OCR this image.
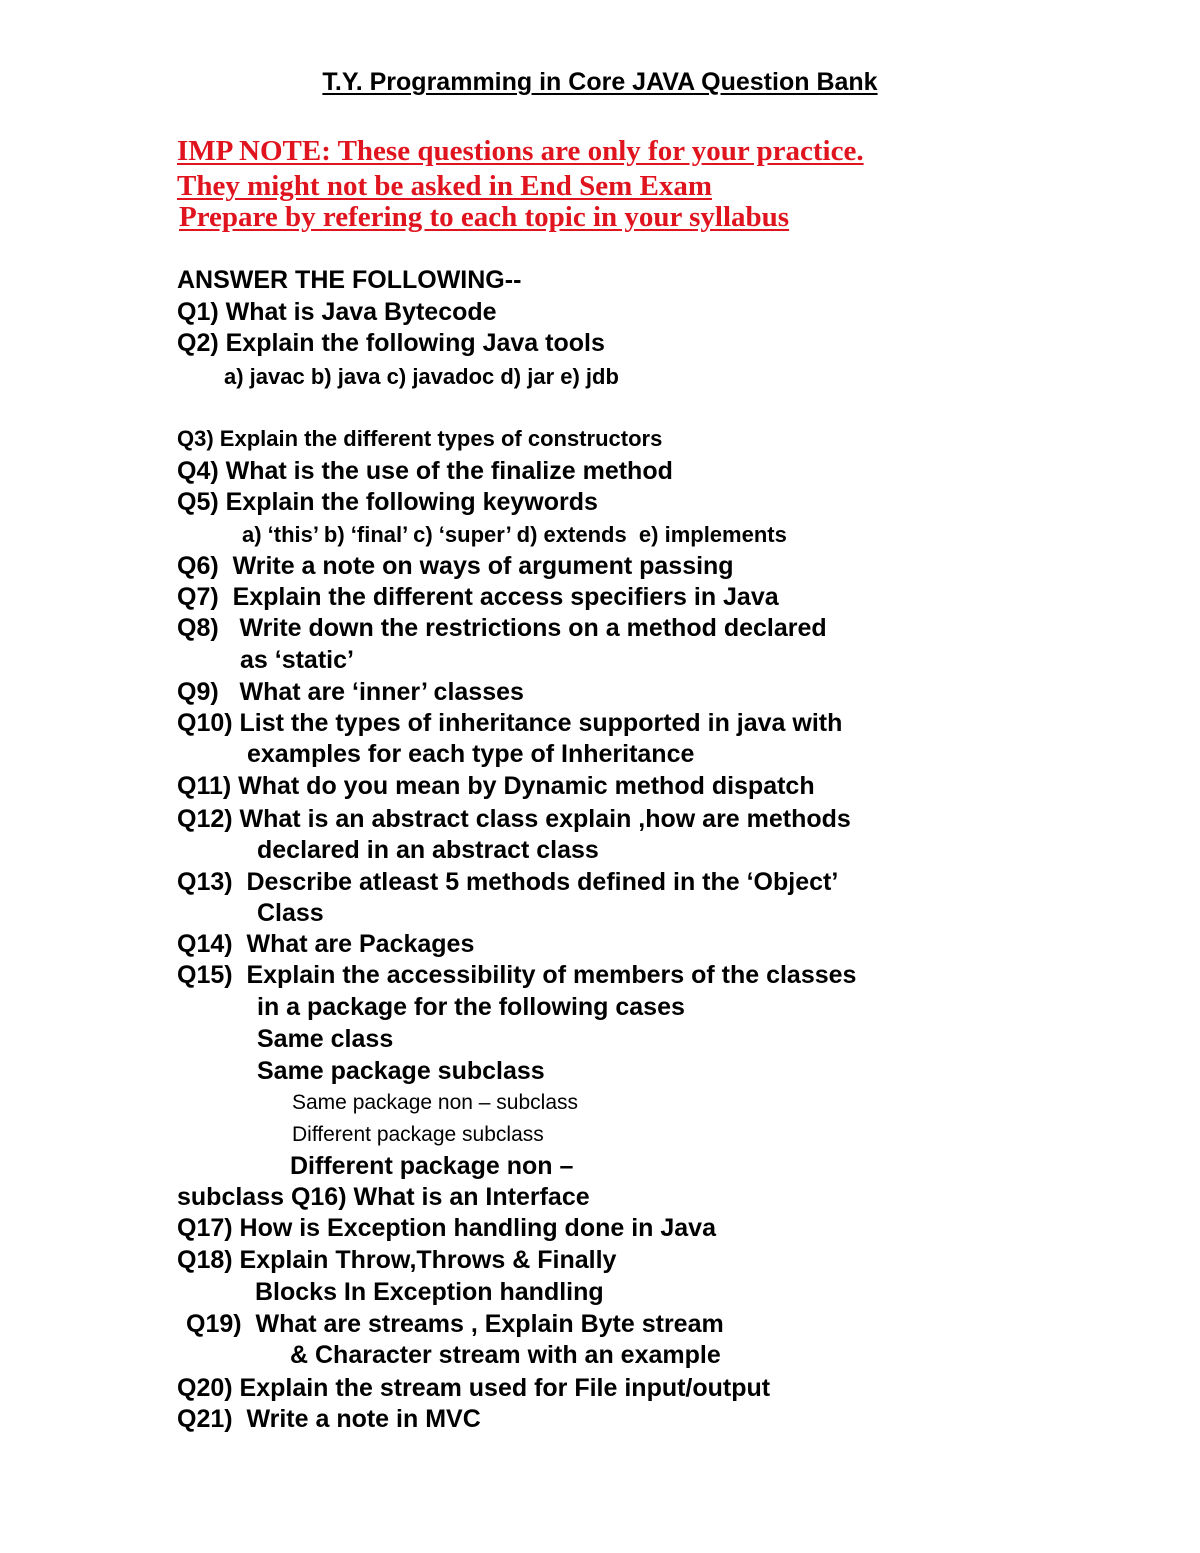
T.Y. Programming in Core JAVA Question Bank
IMP NOTE: These questions are only for your practice.
They might not be asked in End Sem Exam
Prepare by refering to each topic in your syllabus
ANSWER THE FOLLOWING--
Q1) What is Java Bytecode
Q2) Explain the following Java tools
a) javac b) java c) javadoc d) jar e) jdb
Q3) Explain the different types of constructors
Q4) What is the use of the finalize method
Q5) Explain the following keywords
a) ‘this’ b) ‘final’ c) ‘super’ d) extends  e) implements
Q6)  Write a note on ways of argument passing
Q7)  Explain the different access specifiers in Java
Q8)   Write down the restrictions on a method declared
as ‘static’
Q9)   What are ‘inner’ classes
Q10) List the types of inheritance supported in java with
examples for each type of Inheritance
Q11) What do you mean by Dynamic method dispatch
Q12) What is an abstract class explain ,how are methods
declared in an abstract class
Q13)  Describe atleast 5 methods defined in the ‘Object’
Class
Q14)  What are Packages
Q15)  Explain the accessibility of members of the classes
in a package for the following cases
Same class
Same package subclass
Same package non – subclass
Different package subclass
Different package non –
subclass Q16) What is an Interface
Q17) How is Exception handling done in Java
Q18) Explain Throw,Throws & Finally
Blocks In Exception handling
Q19)  What are streams , Explain Byte stream
& Character stream with an example
Q20) Explain the stream used for File input/output
Q21)  Write a note in MVC
